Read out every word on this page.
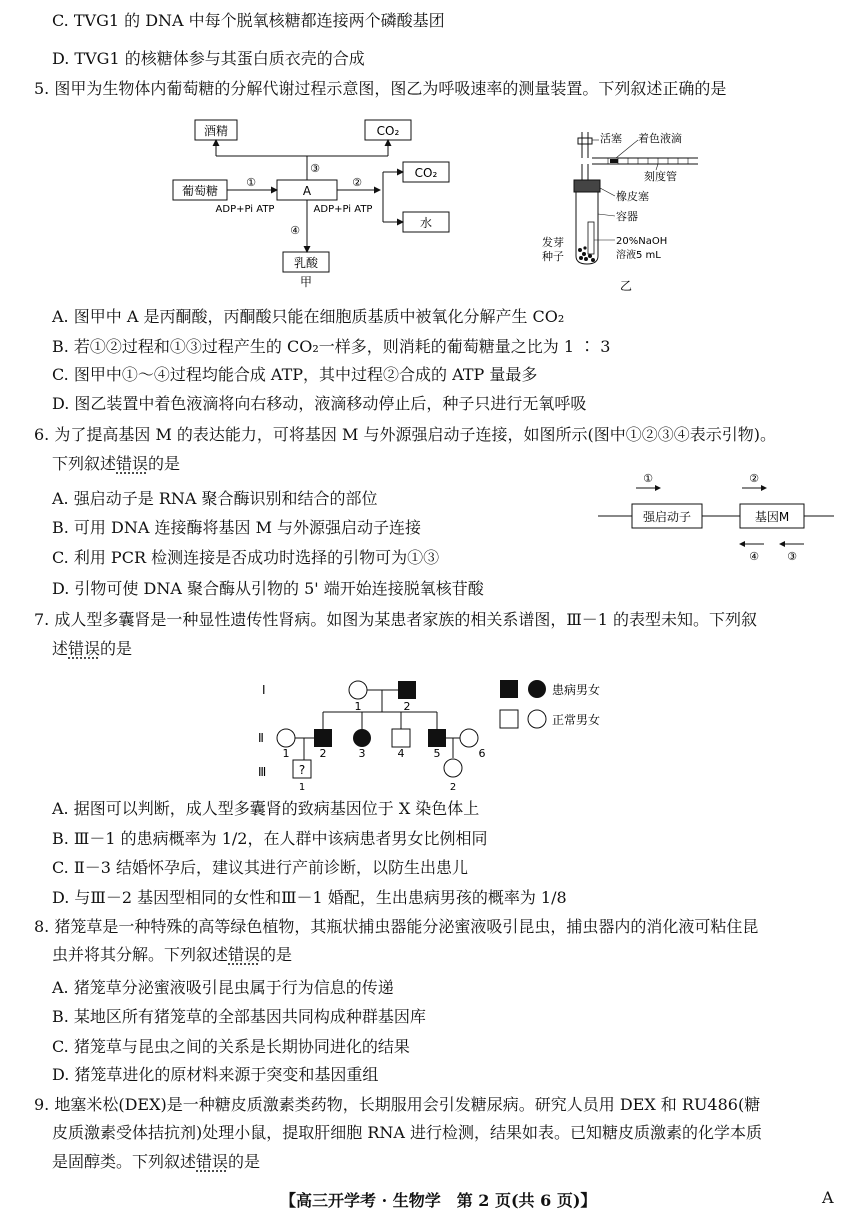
C. TVG1 的 DNA 中每个脱氧核糖都连接两个磷酸基团
D. TVG1 的核糖体参与其蛋白质衣壳的合成
5. 图甲为生物体内葡萄糖的分解代谢过程示意图，图乙为呼吸速率的测量装置。下列叙述正确的是
酒精	CO₂
CO₂
葡萄糖	A
水
乳酸
①
ADP+Pi ATP
③
②
ADP+Pi ATP
④
甲
活塞 着色液滴
刻度管
橡皮塞
容器
20%NaOH
溶液5 mL
发芽
种子
乙
A. 图甲中 A 是丙酮酸，丙酮酸只能在细胞质基质中被氧化分解产生 CO₂
B. 若①②过程和①③过程产生的 CO₂一样多，则消耗的葡萄糖量之比为 1 ∶ 3
C. 图甲中①～④过程均能合成 ATP，其中过程②合成的 ATP 量最多
D. 图乙装置中着色液滴将向右移动，液滴移动停止后，种子只进行无氧呼吸
6. 为了提高基因 M 的表达能力，可将基因 M 与外源强启动子连接，如图所示(图中①②③④表示引物)。
下列叙述错误的是
A. 强启动子是 RNA 聚合酶识别和结合的部位
B. 可用 DNA 连接酶将基因 M 与外源强启动子连接
C. 利用 PCR 检测连接是否成功时选择的引物可为①③
D. 引物可使 DNA 聚合酶从引物的 5' 端开始连接脱氧核苷酸
强启动子	基因M
①	②
④	③
7. 成人型多囊肾是一种显性遗传性肾病。如图为某患者家族的相关系谱图，Ⅲ－1 的表型未知。下列叙
述错误的是
Ⅰ
Ⅱ
Ⅲ
1	2
1	2	3	4	5	6
?
1	2
患病男女
正常男女
A. 据图可以判断，成人型多囊肾的致病基因位于 X 染色体上
B. Ⅲ－1 的患病概率为 1/2，在人群中该病患者男女比例相同
C. Ⅱ－3 结婚怀孕后，建议其进行产前诊断，以防生出患儿
D. 与Ⅲ－2 基因型相同的女性和Ⅲ－1 婚配，生出患病男孩的概率为 1/8
8. 猪笼草是一种特殊的高等绿色植物，其瓶状捕虫器能分泌蜜液吸引昆虫，捕虫器内的消化液可粘住昆
虫并将其分解。下列叙述错误的是
A. 猪笼草分泌蜜液吸引昆虫属于行为信息的传递
B. 某地区所有猪笼草的全部基因共同构成种群基因库
C. 猪笼草与昆虫之间的关系是长期协同进化的结果
D. 猪笼草进化的原材料来源于突变和基因重组
9. 地塞米松(DEX)是一种糖皮质激素类药物，长期服用会引发糖尿病。研究人员用 DEX 和 RU486(糖
皮质激素受体拮抗剂)处理小鼠，提取肝细胞 RNA 进行检测，结果如表。已知糖皮质激素的化学本质
是固醇类。下列叙述错误的是
【高三开学考 · 生物学　第 2 页(共 6 页)】	A
